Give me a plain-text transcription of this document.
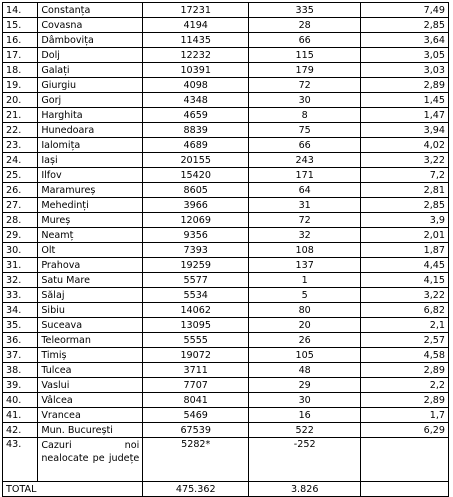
14.	Constanța	17231	335	7,49
15.	Covasna	4194	28	2,85
16.	Dâmbovița	11435	66	3,64
17.	Dolj	12232	115	3,05
18.	Galați	10391	179	3,03
19.	Giurgiu	4098	72	2,89
20.	Gorj	4348	30	1,45
21.	Harghita	4659	8	1,47
22.	Hunedoara	8839	75	3,94
23.	Ialomița	4689	66	4,02
24.	Iași	20155	243	3,22
25.	Ilfov	15420	171	7,2
26.	Maramureș	8605	64	2,81
27.	Mehedinți	3966	31	2,85
28.	Mureș	12069	72	3,9
29.	Neamț	9356	32	2,01
30.	Olt	7393	108	1,87
31.	Prahova	19259	137	4,45
32.	Satu Mare	5577	1	4,15
33.	Sălaj	5534	5	3,22
34.	Sibiu	14062	80	6,82
35.	Suceava	13095	20	2,1
36.	Teleorman	5555	26	2,57
37.	Timiș	19072	105	4,58
38.	Tulcea	3711	48	2,89
39.	Vaslui	7707	29	2,2
40.	Vâlcea	8041	30	2,89
41.	Vrancea	5469	16	1,7
42.	Mun. București	67539	522	6,29
43.	Cazuri noi nealocate pe județe	5282*	-252	
TOTAL		475.362	3.826	
